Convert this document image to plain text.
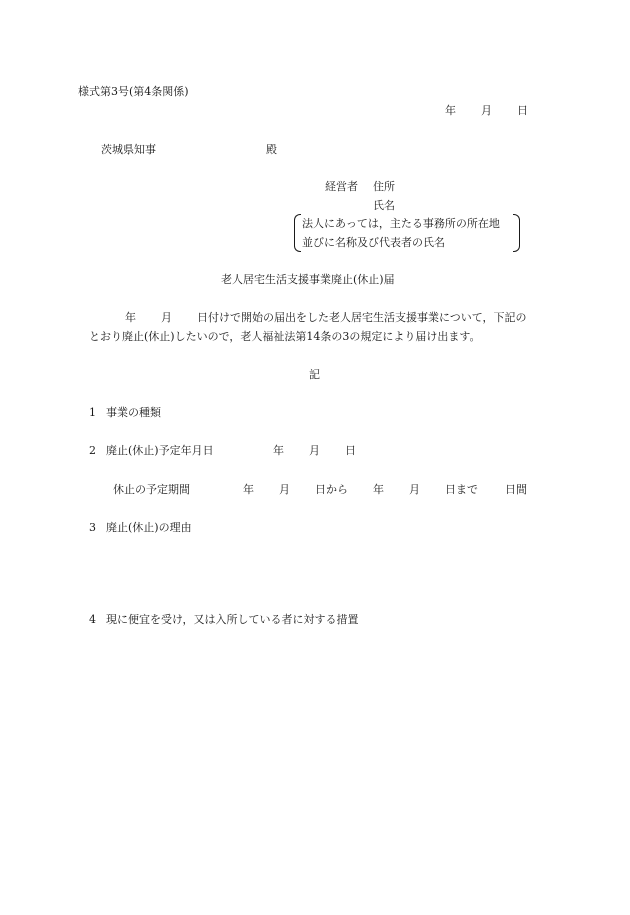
様式第3号(第4条関係)
年 月 日
茨城県知事	殿
経営者 住所
氏名
法人にあっては，主たる事務所の所在地
並びに名称及び代表者の氏名
老人居宅生活支援事業廃止(休止)届
年 月 日付けで開始の届出をした老人居宅生活支援事業について，下記の
とおり廃止(休止)したいので，老人福祉法第14条の3の規定により届け出ます。
記
1 事業の種類
2 廃止(休止)予定年月日	年 月 日
休止の予定期間	年 月 日から 年 月 日まで 日間
3 廃止(休止)の理由
4 現に便宜を受け，又は入所している者に対する措置
